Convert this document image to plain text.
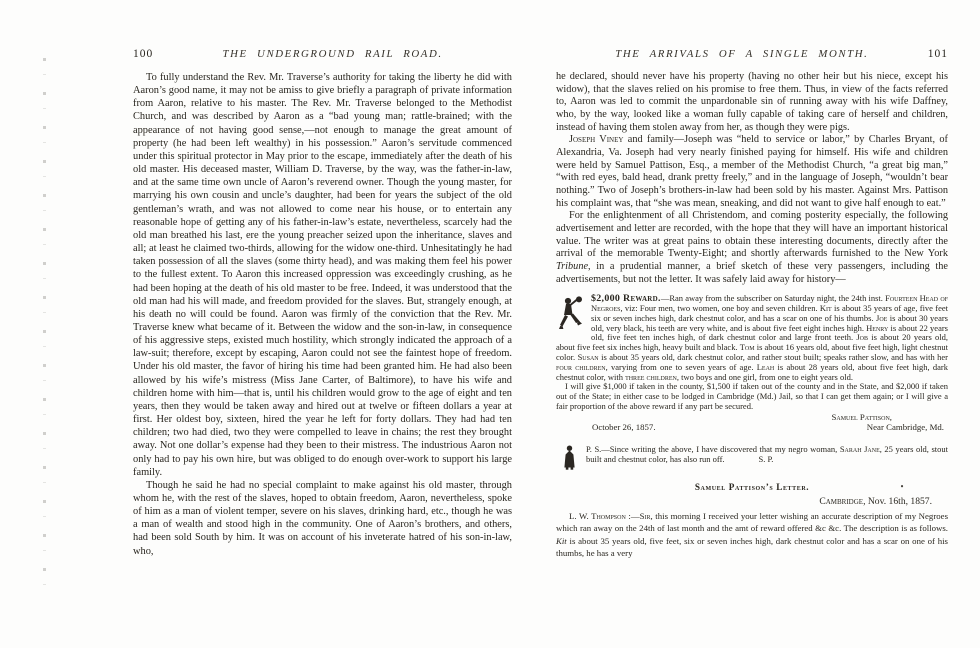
100	THE UNDERGROUND RAIL ROAD.

To fully understand the Rev. Mr. Traverse’s authority for taking the liberty he did with Aaron’s good name, it may not be amiss to give briefly a paragraph of private information from Aaron, relative to his master. The Rev. Mr. Traverse belonged to the Methodist Church, and was described by Aaron as a “bad young man; rattle-brained; with the appearance of not having good sense,—not enough to manage the great amount of property (he had been left wealthy) in his possession.” Aaron’s servitude commenced under this spiritual protector in May prior to the escape, immediately after the death of his old master. His deceased master, William D. Traverse, by the way, was the father-in-law, and at the same time own uncle of Aaron’s reverend owner. Though the young master, for marrying his own cousin and uncle’s daughter, had been for years the subject of the old gentleman’s wrath, and was not allowed to come near his house, or to entertain any reasonable hope of getting any of his father-in-law’s estate, nevertheless, scarcely had the old man breathed his last, ere the young preacher seized upon the inheritance, slaves and all; at least he claimed two-thirds, allowing for the widow one-third. Unhesitatingly he had taken possession of all the slaves (some thirty head), and was making them feel his power to the fullest extent. To Aaron this increased oppression was exceedingly crushing, as he had been hoping at the death of his old master to be free. Indeed, it was understood that the old man had his will made, and freedom provided for the slaves. But, strangely enough, at his death no will could be found. Aaron was firmly of the conviction that the Rev. Mr. Traverse knew what became of it. Between the widow and the son-in-law, in consequence of his aggressive steps, existed much hostility, which strongly indicated the approach of a law-suit; therefore, except by escaping, Aaron could not see the faintest hope of freedom. Under his old master, the favor of hiring his time had been granted him. He had also been allowed by his wife’s mistress (Miss Jane Carter, of Baltimore), to have his wife and children home with him—that is, until his children would grow to the age of eight and ten years, then they would be taken away and hired out at twelve or fifteen dollars a year at first. Her oldest boy, sixteen, hired the year he left for forty dollars. They had had ten children; two had died, two they were compelled to leave in chains; the rest they brought away. Not one dollar’s expense had they been to their mistress. The industrious Aaron not only had to pay his own hire, but was obliged to do enough over-work to support his large family.

Though he said he had no special complaint to make against his old master, through whom he, with the rest of the slaves, hoped to obtain freedom, Aaron, nevertheless, spoke of him as a man of violent temper, severe on his slaves, drinking hard, etc., though he was a man of wealth and stood high in the community. One of Aaron’s brothers, and others, had been sold South by him. It was on account of his inveterate hatred of his son-in-law, who,

THE ARRIVALS OF A SINGLE MONTH.	101

he declared, should never have his property (having no other heir but his niece, except his widow), that the slaves relied on his promise to free them. Thus, in view of the facts referred to, Aaron was led to commit the unpardonable sin of running away with his wife Daffney, who, by the way, looked like a woman fully capable of taking care of herself and children, instead of having them stolen away from her, as though they were pigs.

Joseph Viney and family—Joseph was “held to service or labor,” by Charles Bryant, of Alexandria, Va. Joseph had very nearly finished paying for himself. His wife and children were held by Samuel Pattison, Esq., a member of the Methodist Church, “a great big man,” “with red eyes, bald head, drank pretty freely,” and in the language of Joseph, “wouldn’t bear nothing.” Two of Joseph’s brothers-in-law had been sold by his master. Against Mrs. Pattison his complaint was, that “she was mean, sneaking, and did not want to give half enough to eat.”

For the enlightenment of all Christendom, and coming posterity especially, the following advertisement and letter are recorded, with the hope that they will have an important historical value. The writer was at great pains to obtain these interesting documents, directly after the arrival of the memorable Twenty-Eight; and shortly afterwards furnished to the New York Tribune, in a prudential manner, a brief sketch of these very passengers, including the advertisements, but not the letter. It was safely laid away for history—

$2,000 Reward.—Ran away from the subscriber on Saturday night, the 24th inst. Fourteen Head of Negroes, viz: Four men, two women, one boy and seven children. Kit is about 35 years of age, five feet six or seven inches high, dark chestnut color, and has a scar on one of his thumbs. Joe is about 30 years old, very black, his teeth are very white, and is about five feet eight inches high. Henry is about 22 years old, five feet ten inches high, of dark chestnut color and large front teeth. Job is about 20 years old, about five feet six inches high, heavy built and black. Tom is about 16 years old, about five feet high, light chestnut color. Susan is about 35 years old, dark chestnut color, and rather stout built; speaks rather slow, and has with her four children, varying from one to seven years of age. Leah is about 28 years old, about five feet high, dark chestnut color, with three children, two boys and one girl, from one to eight years old.

I will give $1,000 if taken in the county, $1,500 if taken out of the county and in the State, and $2,000 if taken out of the State; in either case to be lodged in Cambridge (Md.) Jail, so that I can get them again; or I will give a fair proportion of the above reward if any part be secured.

Samuel Pattison,
October 26, 1857.	Near Cambridge, Md.

P. S.—Since writing the above, I have discovered that my negro woman, Sarah Jane, 25 years old, stout built and chestnut color, has also run off.    S. P.

Samuel Pattison’s Letter.	•
Cambridge, Nov. 16th, 1857.

L. W. Thompson :—Sir, this morning I received your letter wishing an accurate description of my Negroes which ran away on the 24th of last month and the amt of reward offered &c &c. The description is as follows. Kit is about 35 years old, five feet, six or seven inches high, dark chestnut color and has a scar on one of his thumbs, he has a very
